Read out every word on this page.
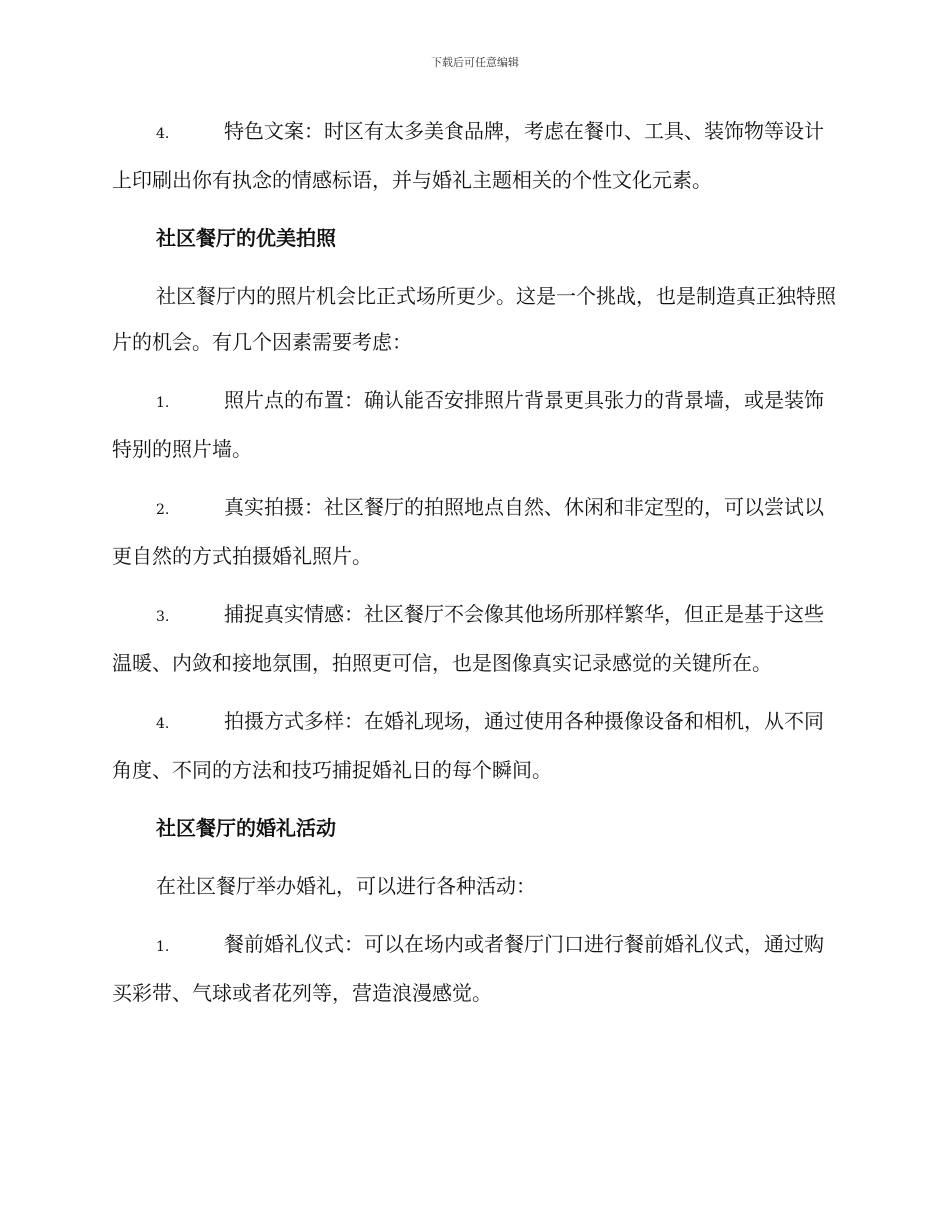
下载后可任意编辑

4.	特色文案：时区有太多美食品牌，考虑在餐巾、工具、装饰物等设计上印刷出你有执念的情感标语，并与婚礼主题相关的个性文化元素。

社区餐厅的优美拍照

社区餐厅内的照片机会比正式场所更少。这是一个挑战，也是制造真正独特照片的机会。有几个因素需要考虑：

1.	照片点的布置：确认能否安排照片背景更具张力的背景墙，或是装饰特别的照片墙。

2.	真实拍摄：社区餐厅的拍照地点自然、休闲和非定型的，可以尝试以更自然的方式拍摄婚礼照片。

3.	捕捉真实情感：社区餐厅不会像其他场所那样繁华，但正是基于这些温暖、内敛和接地氛围，拍照更可信，也是图像真实记录感觉的关键所在。

4.	拍摄方式多样：在婚礼现场，通过使用各种摄像设备和相机，从不同角度、不同的方法和技巧捕捉婚礼日的每个瞬间。

社区餐厅的婚礼活动

在社区餐厅举办婚礼，可以进行各种活动：

1.	餐前婚礼仪式：可以在场内或者餐厅门口进行餐前婚礼仪式，通过购买彩带、气球或者花列等，营造浪漫感觉。
